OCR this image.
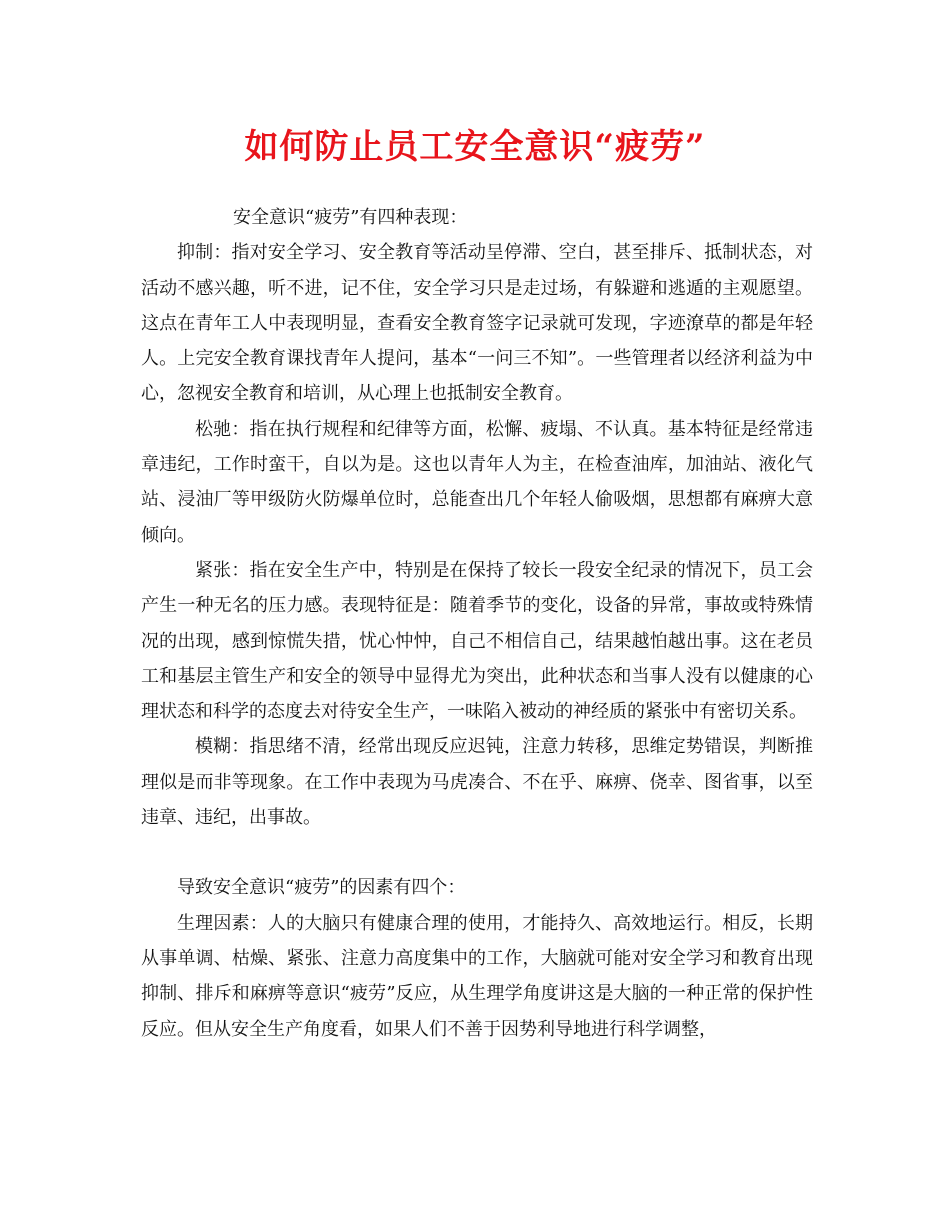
如何防止员工安全意识“疲劳”

安全意识“疲劳”有四种表现：

抑制：指对安全学习、安全教育等活动呈停滞、空白，甚至排斥、抵制状态，对活动不感兴趣，听不进，记不住，安全学习只是走过场，有躲避和逃遁的主观愿望。这点在青年工人中表现明显，查看安全教育签字记录就可发现，字迹潦草的都是年轻人。上完安全教育课找青年人提问，基本“一问三不知”。一些管理者以经济利益为中心，忽视安全教育和培训，从心理上也抵制安全教育。

松驰：指在执行规程和纪律等方面，松懈、疲塌、不认真。基本特征是经常违章违纪，工作时蛮干，自以为是。这也以青年人为主，在检查油库，加油站、液化气站、浸油厂等甲级防火防爆单位时，总能查出几个年轻人偷吸烟，思想都有麻痹大意倾向。

紧张：指在安全生产中，特别是在保持了较长一段安全纪录的情况下，员工会产生一种无名的压力感。表现特征是：随着季节的变化，设备的异常，事故或特殊情况的出现，感到惊慌失措，忧心忡忡，自己不相信自己，结果越怕越出事。这在老员工和基层主管生产和安全的领导中显得尤为突出，此种状态和当事人没有以健康的心理状态和科学的态度去对待安全生产，一味陷入被动的神经质的紧张中有密切关系。

模糊：指思绪不清，经常出现反应迟钝，注意力转移，思维定势错误，判断推理似是而非等现象。在工作中表现为马虎凑合、不在乎、麻痹、侥幸、图省事，以至违章、违纪，出事故。

导致安全意识“疲劳”的因素有四个：

生理因素：人的大脑只有健康合理的使用，才能持久、高效地运行。相反，长期从事单调、枯燥、紧张、注意力高度集中的工作，大脑就可能对安全学习和教育出现抑制、排斥和麻痹等意识“疲劳”反应，从生理学角度讲这是大脑的一种正常的保护性反应。但从安全生产角度看，如果人们不善于因势利导地进行科学调整，
